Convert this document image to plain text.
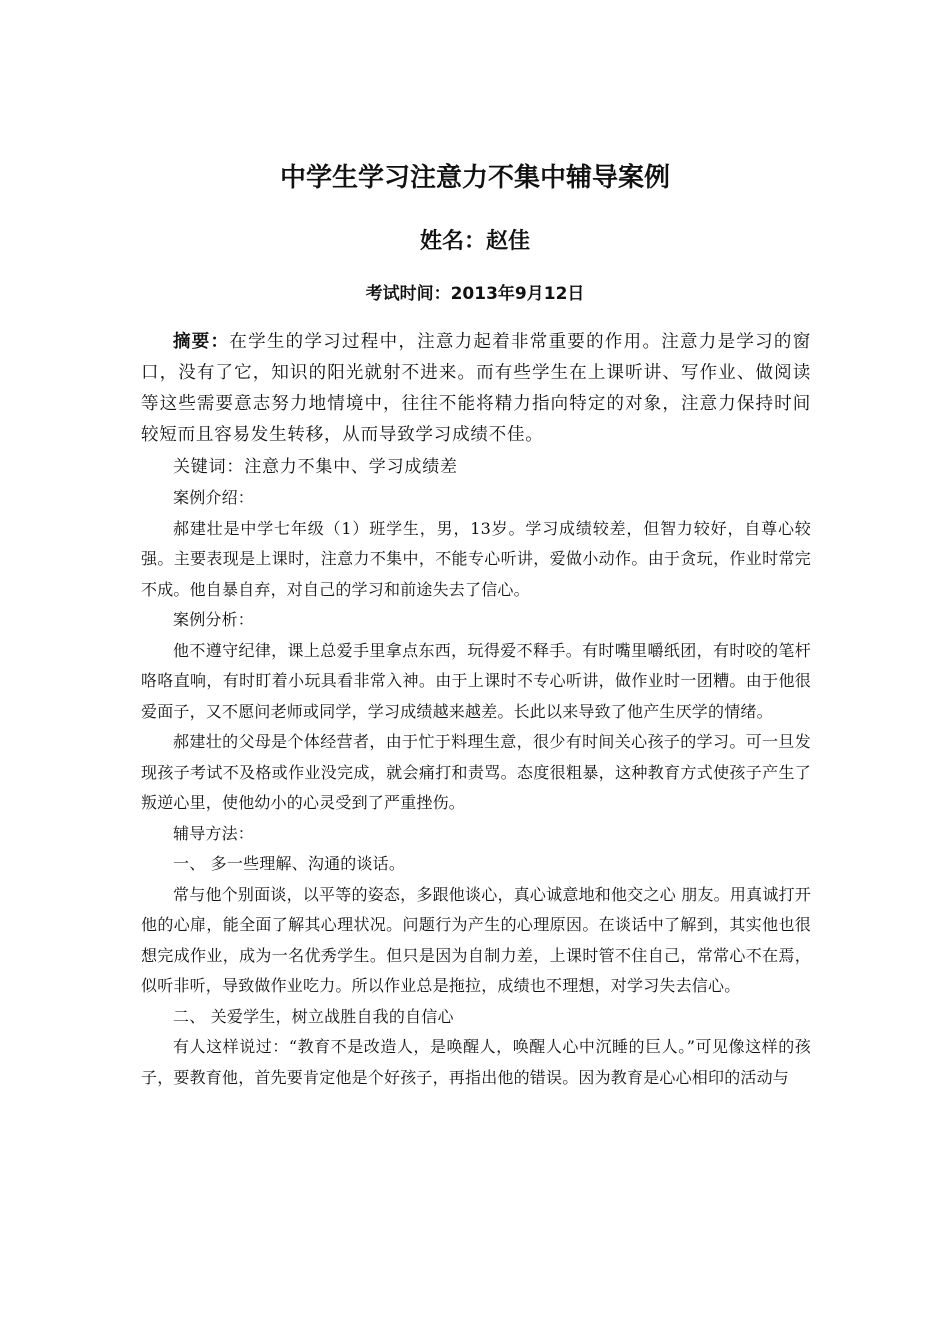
中学生学习注意力不集中辅导案例
姓名：赵佳
考试时间：2013年9月12日

摘要：在学生的学习过程中，注意力起着非常重要的作用。注意力是学习的窗口，没有了它，知识的阳光就射不进来。而有些学生在上课听讲、写作业、做阅读等这些需要意志努力地情境中，往往不能将精力指向特定的对象，注意力保持时间较短而且容易发生转移，从而导致学习成绩不佳。

关键词：注意力不集中、学习成绩差

案例介绍：

郝建壮是中学七年级（1）班学生，男，13岁。学习成绩较差，但智力较好，自尊心较强。主要表现是上课时，注意力不集中，不能专心听讲，爱做小动作。由于贪玩，作业时常完不成。他自暴自弃，对自己的学习和前途失去了信心。

案例分析：

他不遵守纪律，课上总爱手里拿点东西，玩得爱不释手。有时嘴里嚼纸团，有时咬的笔杆咯咯直响，有时盯着小玩具看非常入神。由于上课时不专心听讲，做作业时一团糟。由于他很爱面子，又不愿问老师或同学，学习成绩越来越差。长此以来导致了他产生厌学的情绪。

郝建壮的父母是个体经营者，由于忙于料理生意，很少有时间关心孩子的学习。可一旦发现孩子考试不及格或作业没完成，就会痛打和责骂。态度很粗暴，这种教育方式使孩子产生了叛逆心里，使他幼小的心灵受到了严重挫伤。

辅导方法：

一、 多一些理解、沟通的谈话。

常与他个别面谈，以平等的姿态，多跟他谈心，真心诚意地和他交之心 朋友。用真诚打开他的心扉，能全面了解其心理状况。问题行为产生的心理原因。在谈话中了解到，其实他也很想完成作业，成为一名优秀学生。但只是因为自制力差，上课时管不住自己，常常心不在焉，似听非听，导致做作业吃力。所以作业总是拖拉，成绩也不理想，对学习失去信心。

二、 关爱学生，树立战胜自我的自信心

有人这样说过：“教育不是改造人，是唤醒人，唤醒人心中沉睡的巨人。”可见像这样的孩子，要教育他，首先要肯定他是个好孩子，再指出他的错误。因为教育是心心相印的活动与
